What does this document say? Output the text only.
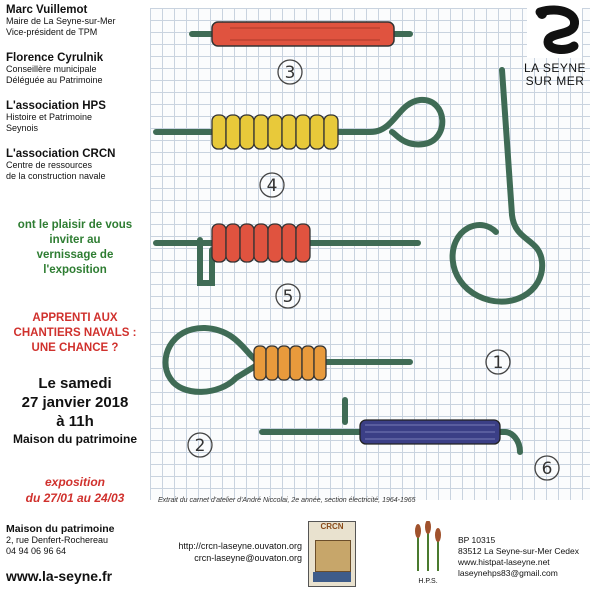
3
4
5
2
1
6
Marc Vuillemot
Maire de La Seyne-sur-Mer
Vice-président de TPM
Florence Cyrulnik
Conseillère municipale
Déléguée au Patrimoine
L'association HPS
Histoire et Patrimoine
Seynois
L'association CRCN
Centre de ressources
de la construction navale
ont le plaisir de vous
inviter au
vernissage de
l'exposition
APPRENTI AUX
CHANTIERS NAVALS :
UNE CHANCE ?
Le samedi
27 janvier 2018
à 11h
Maison du patrimoine
exposition
du 27/01 au 24/03
Maison du patrimoine
2, rue Denfert-Rochereau
04 94 06 96 64
www.la-seyne.fr
LA SEYNE
SUR MER
Extrait du carnet d'atelier d'André Niccolai, 2e année, section électricité, 1964-1965
http://crcn-laseyne.ouvaton.org
crcn-laseyne@ouvaton.org
CRCN
H.P.S.
BP 10315
83512 La Seyne-sur-Mer Cedex
www.histpat-laseyne.net
laseynehps83@gmail.com
